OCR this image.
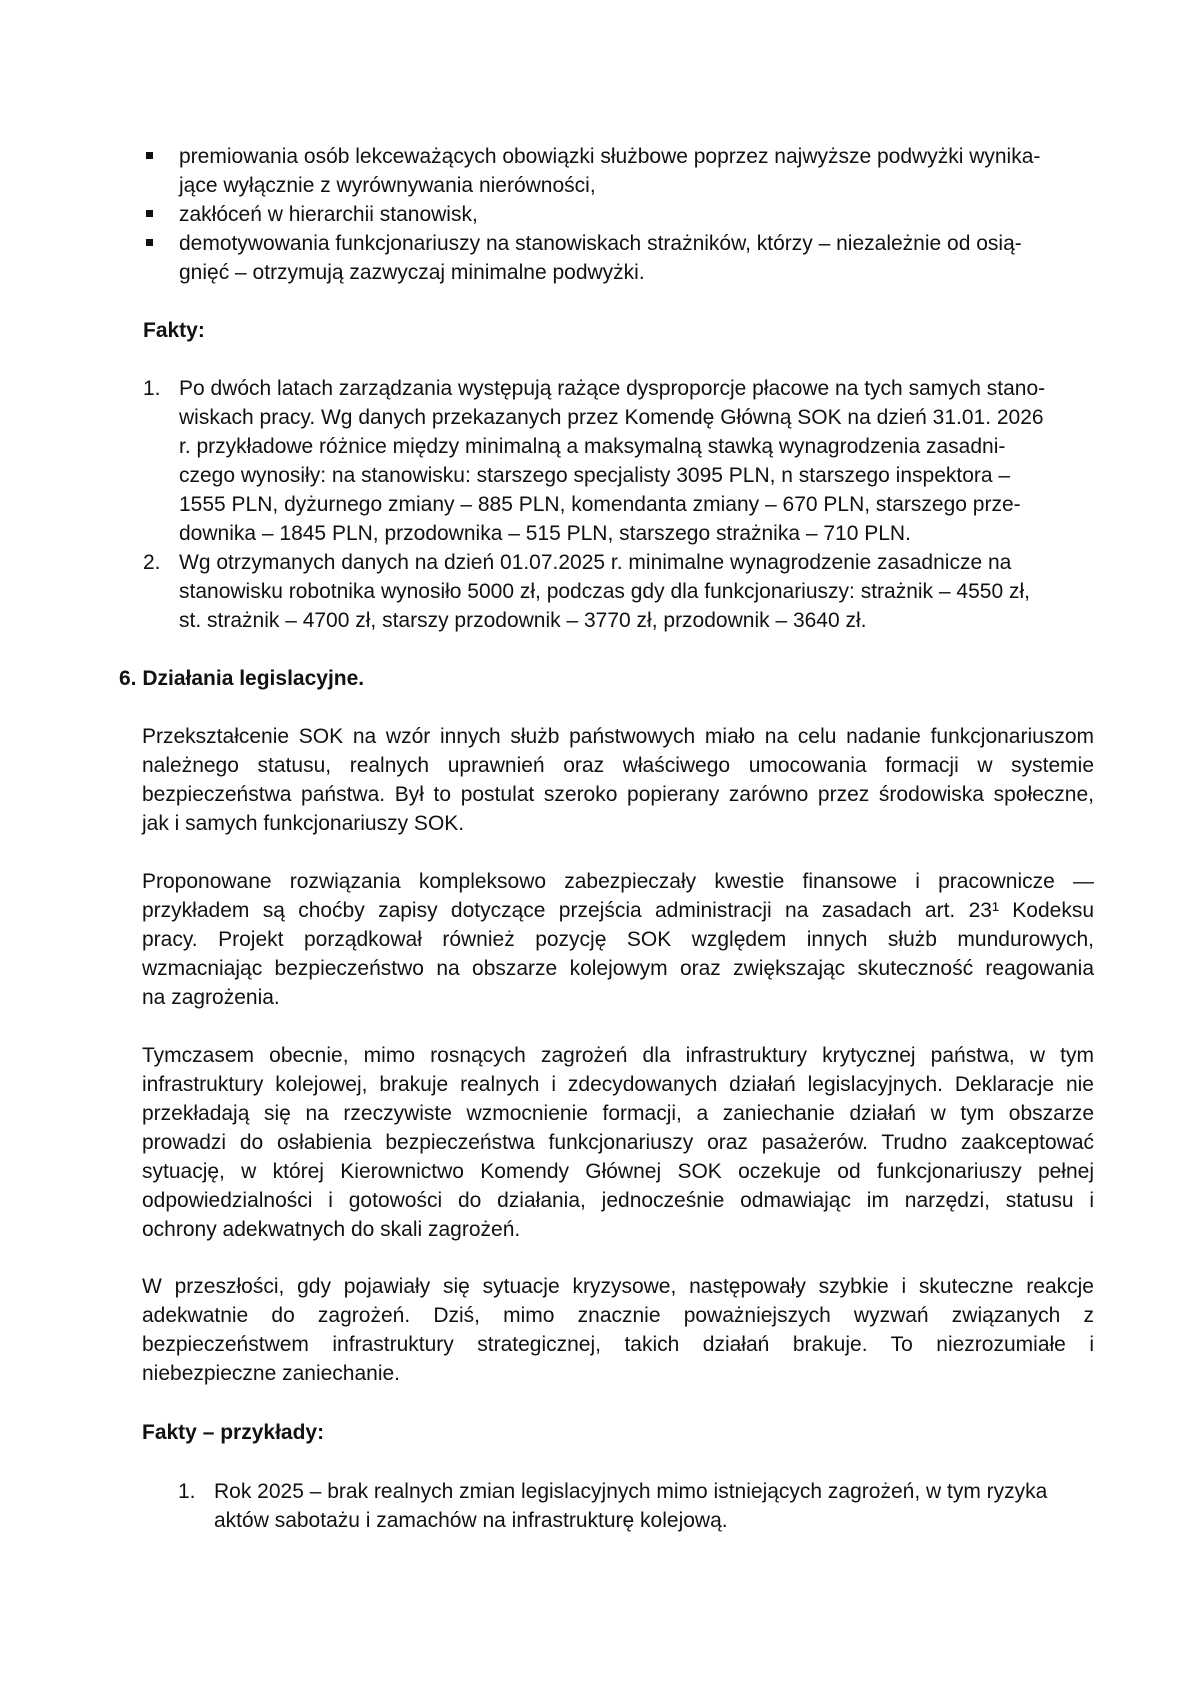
premiowania osób lekceważących obowiązki służbowe poprzez najwyższe podwyżki wynika-
jące wyłącznie z wyrównywania nierówności,
zakłóceń w hierarchii stanowisk,
demotywowania funkcjonariuszy na stanowiskach strażników, którzy – niezależnie od osią-
gnięć – otrzymują zazwyczaj minimalne podwyżki.
Fakty:
1. Po dwóch latach zarządzania występują rażące dysproporcje płacowe na tych samych stano-
wiskach pracy. Wg danych przekazanych przez Komendę Główną SOK na dzień 31.01. 2026
r. przykładowe różnice między minimalną a maksymalną stawką wynagrodzenia zasadni-
czego wynosiły: na stanowisku: starszego specjalisty 3095 PLN, n starszego inspektora –
1555 PLN, dyżurnego zmiany – 885 PLN, komendanta zmiany – 670 PLN, starszego prze-
downika – 1845 PLN, przodownika – 515 PLN, starszego strażnika – 710 PLN.
2. Wg otrzymanych danych na dzień 01.07.2025 r. minimalne wynagrodzenie zasadnicze na
stanowisku robotnika wynosiło 5000 zł, podczas gdy dla funkcjonariuszy: strażnik – 4550 zł,
st. strażnik – 4700 zł, starszy przodownik – 3770 zł, przodownik – 3640 zł.
6. Działania legislacyjne.

Przekształcenie SOK na wzór innych służb państwowych miało na celu nadanie funkcjonariuszom
należnego statusu, realnych uprawnień oraz właściwego umocowania formacji w systemie
bezpieczeństwa państwa. Był to postulat szeroko popierany zarówno przez środowiska społeczne,
jak i samych funkcjonariuszy SOK.

Proponowane rozwiązania kompleksowo zabezpieczały kwestie finansowe i pracownicze —
przykładem są choćby zapisy dotyczące przejścia administracji na zasadach art. 23¹ Kodeksu
pracy. Projekt porządkował również pozycję SOK względem innych służb mundurowych,
wzmacniając bezpieczeństwo na obszarze kolejowym oraz zwiększając skuteczność reagowania
na zagrożenia.

Tymczasem obecnie, mimo rosnących zagrożeń dla infrastruktury krytycznej państwa, w tym
infrastruktury kolejowej, brakuje realnych i zdecydowanych działań legislacyjnych. Deklaracje nie
przekładają się na rzeczywiste wzmocnienie formacji, a zaniechanie działań w tym obszarze
prowadzi do osłabienia bezpieczeństwa funkcjonariuszy oraz pasażerów. Trudno zaakceptować
sytuację, w której Kierownictwo Komendy Głównej SOK oczekuje od funkcjonariuszy pełnej
odpowiedzialności i gotowości do działania, jednocześnie odmawiając im narzędzi, statusu i
ochrony adekwatnych do skali zagrożeń.

W przeszłości, gdy pojawiały się sytuacje kryzysowe, następowały szybkie i skuteczne reakcje
adekwatnie do zagrożeń. Dziś, mimo znacznie poważniejszych wyzwań związanych z
bezpieczeństwem infrastruktury strategicznej, takich działań brakuje. To niezrozumiałe i
niebezpieczne zaniechanie.

Fakty – przykłady:
1. Rok 2025 – brak realnych zmian legislacyjnych mimo istniejących zagrożeń, w tym ryzyka
aktów sabotażu i zamachów na infrastrukturę kolejową.
